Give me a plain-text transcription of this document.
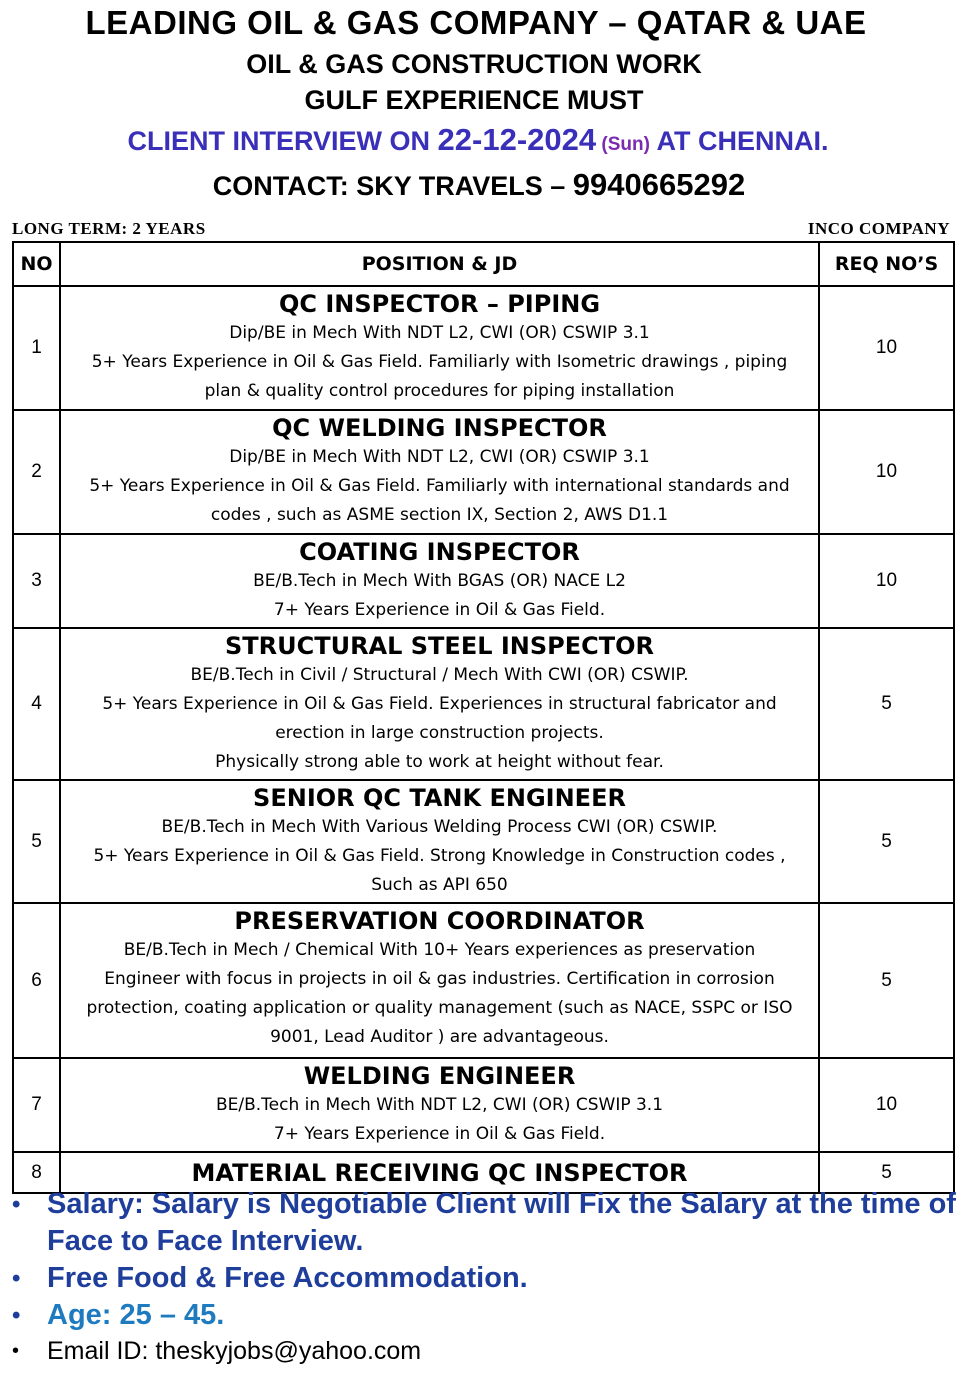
LEADING OIL & GAS COMPANY – QATAR & UAE
OIL & GAS CONSTRUCTION WORK
GULF EXPERIENCE MUST
CLIENT INTERVIEW ON 22-12-2024 (Sun) AT CHENNAI.
CONTACT: SKY TRAVELS – 9940665292
LONG TERM: 2 YEARS	INCO COMPANY
NO	POSITION & JD	REQ NO’S
1	QC INSPECTOR – PIPING
Dip/BE in Mech With NDT L2, CWI (OR) CSWIP 3.1
5+ Years Experience in Oil & Gas Field. Familiarly with Isometric drawings , piping
plan & quality control procedures for piping installation	10
2	QC WELDING INSPECTOR
Dip/BE in Mech With NDT L2, CWI (OR) CSWIP 3.1
5+ Years Experience in Oil & Gas Field. Familiarly with international standards and
codes , such as ASME section IX, Section 2, AWS D1.1	10
3	COATING INSPECTOR
BE/B.Tech in Mech With BGAS (OR) NACE L2
7+ Years Experience in Oil & Gas Field.	10
4	STRUCTURAL STEEL INSPECTOR
BE/B.Tech in Civil / Structural / Mech With CWI (OR) CSWIP.
5+ Years Experience in Oil & Gas Field. Experiences in structural fabricator and
erection in large construction projects.
Physically strong able to work at height without fear.	5
5	SENIOR QC TANK ENGINEER
BE/B.Tech in Mech With Various Welding Process CWI (OR) CSWIP.
5+ Years Experience in Oil & Gas Field. Strong Knowledge in Construction codes ,
Such as API 650	5
6	PRESERVATION COORDINATOR
BE/B.Tech in Mech / Chemical With 10+ Years experiences as preservation
Engineer with focus in projects in oil & gas industries. Certification in corrosion
protection, coating application or quality management (such as NACE, SSPC or ISO
9001, Lead Auditor ) are advantageous.	5
7	WELDING ENGINEER
BE/B.Tech in Mech With NDT L2, CWI (OR) CSWIP 3.1
7+ Years Experience in Oil & Gas Field.	10
8	MATERIAL RECEIVING QC INSPECTOR	5
• Salary: Salary is Negotiable Client will Fix the Salary at the time of Face to Face Interview.
• Free Food & Free Accommodation.
• Age: 25 – 45.
• Email ID: theskyjobs@yahoo.com
